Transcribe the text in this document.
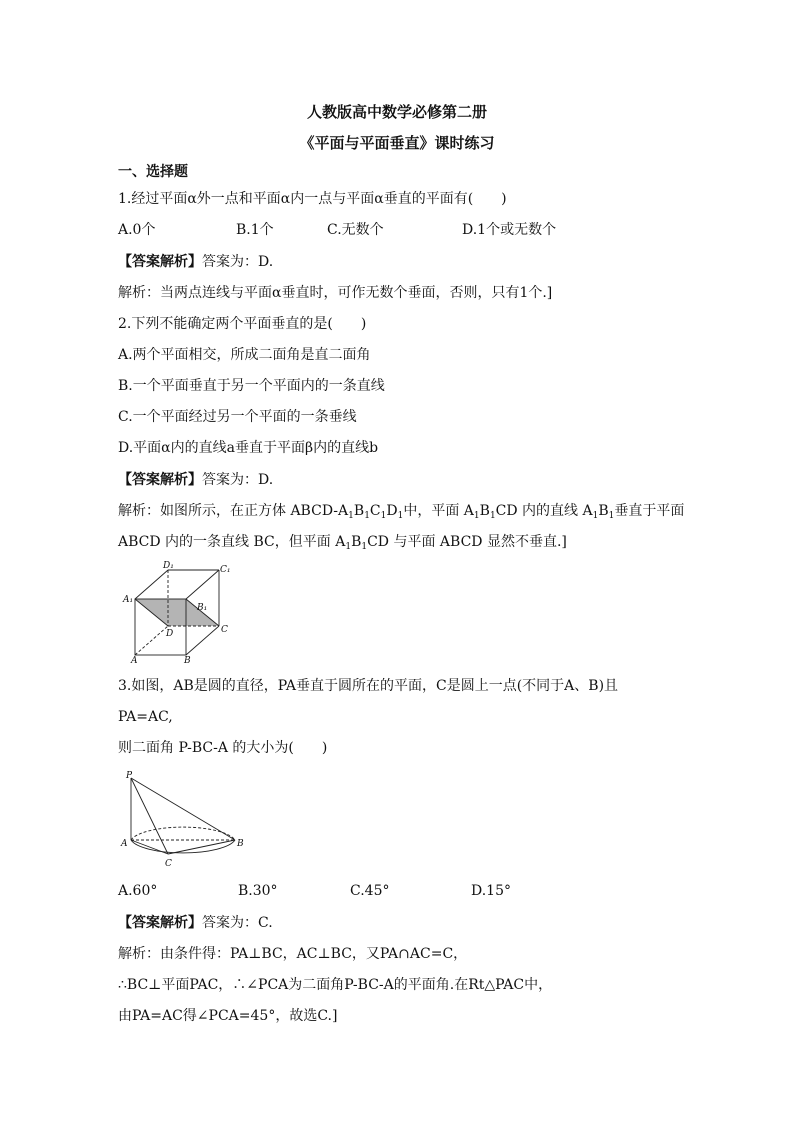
人教版高中数学必修第二册
《平面与平面垂直》课时练习
一、选择题
1.经过平面α外一点和平面α内一点与平面α垂直的平面有(　　)
A.0个	B.1个	C.无数个	D.1个或无数个
【答案解析】答案为：D.
解析：当两点连线与平面α垂直时，可作无数个垂面，否则，只有1个.]
2.下列不能确定两个平面垂直的是(　　)
A.两个平面相交，所成二面角是直二面角
B.一个平面垂直于另一个平面内的一条直线
C.一个平面经过另一个平面的一条垂线
D.平面α内的直线a垂直于平面β内的直线b
【答案解析】答案为：D.
解析：如图所示，在正方体 ABCD-$A_1B_1C_1D_1$中，平面 $A_1B_1CD$ 内的直线 $A_1B_1$垂直于平面
ABCD 内的一条直线 BC，但平面 $A_1B_1CD$ 与平面 ABCD 显然不垂直.]
D₁	C₁
A₁
B₁
D	C
A	B
3.如图，AB是圆的直径，PA垂直于圆所在的平面，C是圆上一点(不同于A、B)且
PA=AC,
则二面角 P-BC-A 的大小为(　　)
P
A	B
C
A.60°	B.30°	C.45°	D.15°
【答案解析】答案为：C.
解析：由条件得：PA⊥BC，AC⊥BC，又PA∩AC=C，
∴BC⊥平面PAC，∴∠PCA为二面角P-BC-A的平面角.在Rt△PAC中，
由PA=AC得∠PCA=45°，故选C.]
